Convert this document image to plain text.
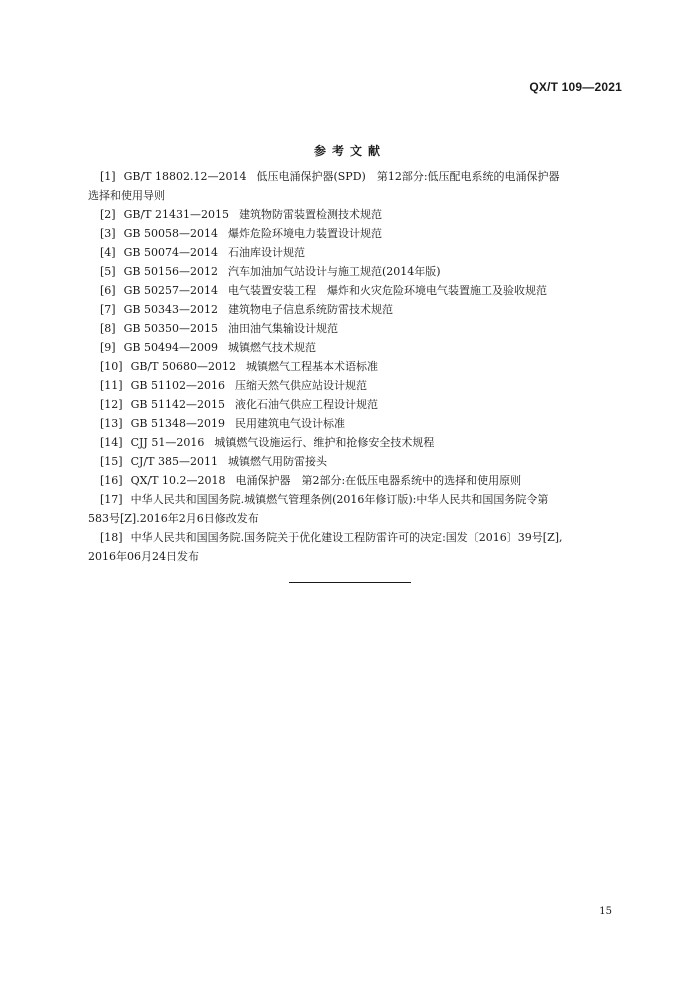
QX/T 109—2021
参考文献
[1] GB/T 18802.12—2014 低压电涌保护器(SPD)　第12部分:低压配电系统的电涌保护器
选择和使用导则
[2] GB/T 21431—2015 建筑物防雷装置检测技术规范
[3] GB 50058—2014 爆炸危险环境电力装置设计规范
[4] GB 50074—2014 石油库设计规范
[5] GB 50156—2012 汽车加油加气站设计与施工规范(2014年版)
[6] GB 50257—2014 电气装置安装工程　爆炸和火灾危险环境电气装置施工及验收规范
[7] GB 50343—2012 建筑物电子信息系统防雷技术规范
[8] GB 50350—2015 油田油气集输设计规范
[9] GB 50494—2009 城镇燃气技术规范
[10] GB/T 50680—2012 城镇燃气工程基本术语标准
[11] GB 51102—2016 压缩天然气供应站设计规范
[12] GB 51142—2015 液化石油气供应工程设计规范
[13] GB 51348—2019 民用建筑电气设计标准
[14] CJJ 51—2016 城镇燃气设施运行、维护和抢修安全技术规程
[15] CJ/T 385—2011 城镇燃气用防雷接头
[16] QX/T 10.2—2018 电涌保护器　第2部分:在低压电器系统中的选择和使用原则
[17] 中华人民共和国国务院.城镇燃气管理条例(2016年修订版):中华人民共和国国务院令第
583号[Z].2016年2月6日修改发布
[18] 中华人民共和国国务院.国务院关于优化建设工程防雷许可的决定:国发〔2016〕39号[Z],
2016年06月24日发布
15
